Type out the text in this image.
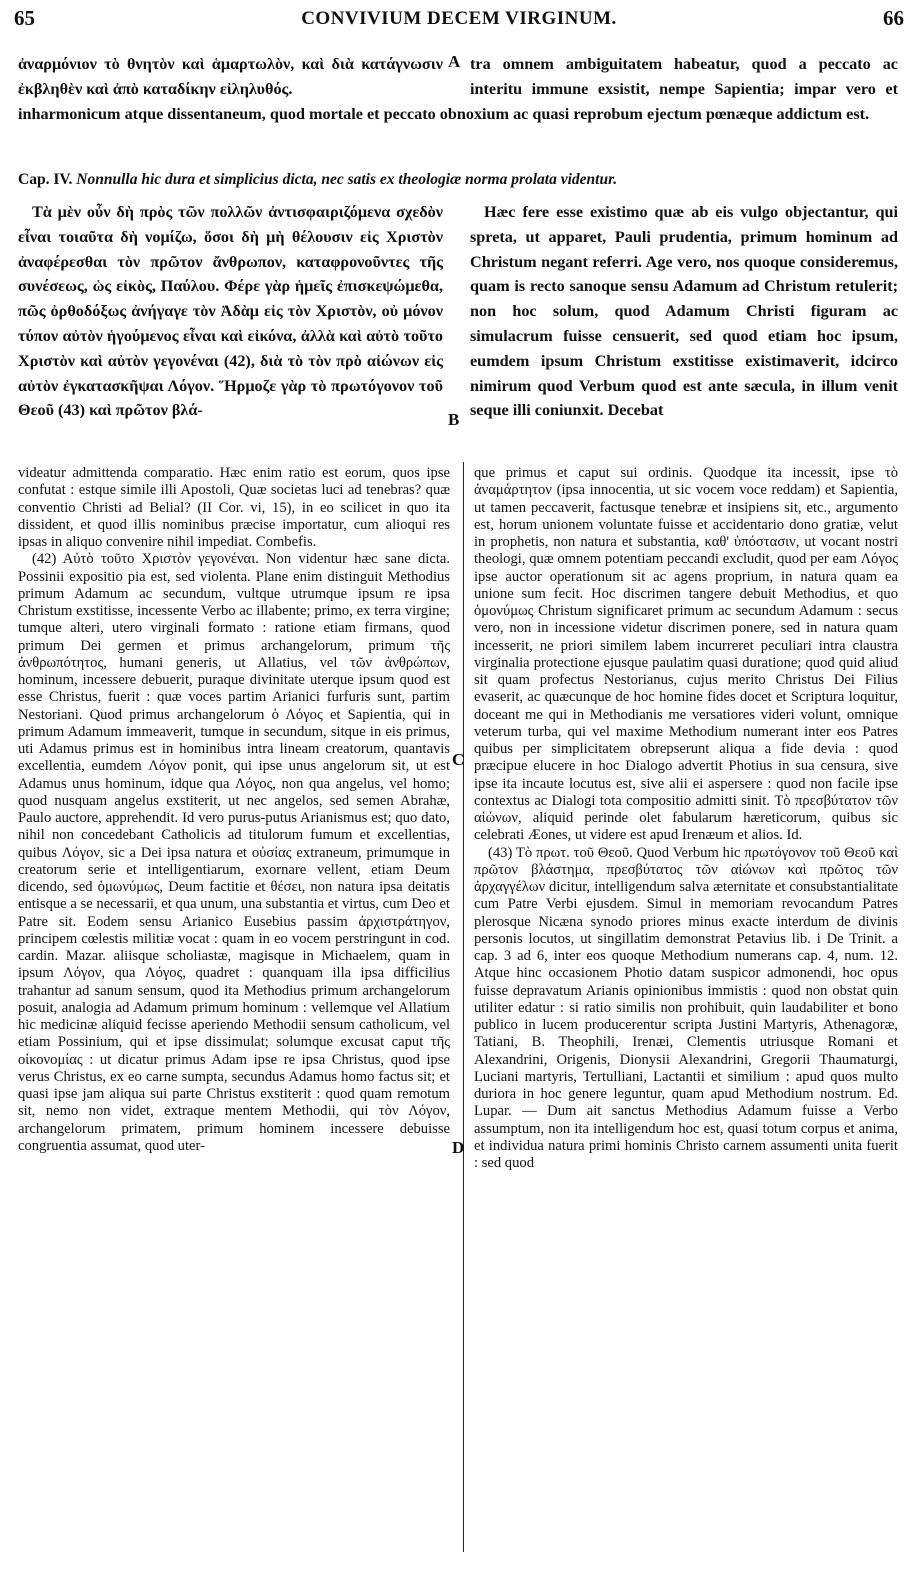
65	CONVIVIUM DECEM VIRGINUM.	66

ἀναρμόνιον τὸ θνητὸν καὶ ἁμαρτωλὸν, καὶ διὰ κατάγνωσιν ἐκβληθὲν καὶ ἀπὸ καταδίκην εἰληλυθός.

A tra omnem ambiguitatem habeatur, quod a peccato ac interitu immune exsistit, nempe Sapientia; impar vero et inharmonicum atque dissentaneum, quod mortale et peccato obnoxium ac quasi reprobum ejectum pœnæque addictum est.

Cap. IV. Nonnulla hic dura et simplicius dicta, nec satis ex theologiæ norma prolata videntur.

Τὰ μὲν οὖν δὴ πρὸς τῶν πολλῶν ἀντισφαιριζόμενα σχεδὸν εἶναι τοιαῦτα δὴ νομίζω, ὅσοι δὴ μὴ θέλουσιν εἰς Χριστὸν ἀναφέρεσθαι τὸν πρῶτον ἄνθρωπον, καταφρονοῦντες τῆς συνέσεως, ὡς εἰκὸς, Παύλου. Φέρε γὰρ ἡμεῖς ἐπισκεψώμεθα, πῶς ὀρθοδόξως ἀνήγαγε τὸν Ἀδὰμ εἰς τὸν Χριστὸν, οὐ μόνον τύπον αὐτὸν ἡγούμενος εἶναι καὶ εἰκόνα, ἀλλὰ καὶ αὐτὸ τοῦτο Χριστὸν καὶ αὐτὸν γεγονέναι (42), διὰ τὸ τὸν πρὸ αἰώνων εἰς αὐτὸν ἐγκατασκῆψαι Λόγον. Ἥρμοζε γὰρ τὸ πρωτόγονον τοῦ Θεοῦ (43) καὶ πρῶτον βλά-	B

Hæc fere esse existimo quæ ab eis vulgo objectantur, qui spreta, ut apparet, Pauli prudentia, primum hominum ad Christum negant referri. Age vero, nos quoque consideremus, quam is recto sanoque sensu Adamum ad Christum retulerit; non hoc solum, quod Adamum Christi figuram ac simulacrum fuisse censuerit, sed quod etiam hoc ipsum, eumdem ipsum Christum exstitisse existimaverit, idcirco nimirum quod Verbum quod est ante sæcula, in illum venit seque illi coniunxit. Decebat

videatur admittenda comparatio. Hæc enim ratio est eorum, quos ipse confutat : estque simile illi Apostoli, Quæ societas luci ad tenebras? quæ conventio Christi ad Belial? (II Cor. vi, 15), in eo scilicet in quo ita dissident, et quod illis nominibus præcise importatur, cum alioqui res ipsas in aliquo convenire nihil impediat. Combefis.

(42) Αὐτὸ τοῦτο Χριστὸν γεγονέναι. Non videntur hæc sane dicta. Possinii expositio pia est, sed violenta. Plane enim distinguit Methodius primum Adamum ac secundum, vultque utrumque ipsum re ipsa Christum exstitisse, incessente Verbo ac illabente; primo, ex terra virgine; tumque alteri, utero virginali formato : ratione etiam firmans, quod primum Dei germen et primus archangelorum, primum τῆς ἀνθρωπότητος, humani generis, ut Allatius, vel τῶν ἀνθρώπων, hominum, incessere debuerit, puraque divinitate uterque ipsum quod est esse Christus, fuerit : quæ voces partim Arianici furfuris sunt, partim Nestoriani. Quod primus archangelorum ὁ Λόγος et Sapientia, qui in primum Adamum immeaverit, tumque in secundum, sitque in eis primus, uti Adamus primus est in hominibus intra lineam creatorum, quantavis excellentia, eumdem Λόγον ponit, qui ipse unus angelorum sit, ut est Adamus unus hominum, idque qua Λόγος, non qua angelus, vel homo; quod nusquam angelus exstiterit, ut nec angelos, sed semen Abrahæ, Paulo auctore, apprehendit. Id vero purus-putus Arianismus est; quo dato, nihil non concedebant Catholicis ad titulorum fumum et excellentias, quibus Λόγον, sic a Dei ipsa natura et οὐσίας extraneum, primumque in creatorum serie et intelligentiarum, exornare vellent, etiam Deum dicendo, sed ὁμωνύμως, Deum factitie et θέσει, non natura ipsa deitatis entisque a se necessarii, et qua unum, una substantia et virtus, cum Deo et Patre sit. Eodem sensu Arianico Eusebius passim ἀρχιστράτηγον, principem cœlestis militiæ vocat : quam in eo vocem perstringunt in cod. cardin. Mazar. aliisque scholiastæ, magisque in Michaelem, quam in ipsum Λόγον, qua Λόγος, quadret : quanquam illa ipsa difficilius trahantur ad sanum sensum, quod ita Methodius primum archangelorum posuit, analogia ad Adamum primum hominum : vellemque vel Allatium hic medicinæ aliquid fecisse aperiendo Methodii sensum catholicum, vel etiam Possinium, qui et ipse dissimulat; solumque excusat caput τῆς οἰκονομίας : ut dicatur primus Adam ipse re ipsa Christus, quod ipse verus Christus, ex eo carne sumpta, secundus Adamus homo factus sit; et quasi ipse jam aliqua sui parte Christus exstiterit : quod quam remotum sit, nemo non videt, extraque mentem Methodii, qui τὸν Λόγον, archangelorum primatem, primum hominem incessere debuisse congruentia assumat, quod uter-

C
D

que primus et caput sui ordinis. Quodque ita incessit, ipse τὸ ἀναμάρτητον (ipsa innocentia, ut sic vocem voce reddam) et Sapientia, ut tamen peccaverit, factusque tenebræ et insipiens sit, etc., argumento est, horum unionem voluntate fuisse et accidentario dono gratiæ, velut in prophetis, non natura et substantia, καθ' ὑπόστασιν, ut vocant nostri theologi, quæ omnem potentiam peccandi excludit, quod per eam Λόγος ipse auctor operationum sit ac agens proprium, in natura quam ea unione sum fecit. Hoc discrimen tangere debuit Methodius, et quo ὁμονύμως Christum significaret primum ac secundum Adamum : secus vero, non in incessione videtur discrimen ponere, sed in natura quam incesserit, ne priori similem labem incurreret peculiari intra claustra virginalia protectione ejusque paulatim quasi duratione; quod quid aliud sit quam profectus Nestorianus, cujus merito Christus Dei Filius evaserit, ac quæcunque de hoc homine fides docet et Scriptura loquitur, doceant me qui in Methodianis me versatiores videri volunt, omnique veterum turba, qui vel maxime Methodium numerant inter eos Patres quibus per simplicitatem obrepserunt aliqua a fide devia : quod præcipue elucere in hoc Dialogo advertit Photius in sua censura, sive ipse ita incaute locutus est, sive alii ei aspersere : quod non facile ipse contextus ac Dialogi tota compositio admitti sinit. Τὸ πρεσβύτατον τῶν αἰώνων, aliquid perinde olet fabularum hæreticorum, quibus sic celebrati Æones, ut videre est apud Irenæum et alios. Id.

(43) Τὸ πρωτ. τοῦ Θεοῦ. Quod Verbum hic πρωτόγονον τοῦ Θεοῦ καὶ πρῶτον βλάστημα, πρεσβύτατος τῶν αἰώνων καὶ πρῶτος τῶν ἀρχαγγέλων dicitur, intelligendum salva æternitate et consubstantialitate cum Patre Verbi ejusdem. Simul in memoriam revocandum Patres plerosque Nicæna synodo priores minus exacte interdum de divinis personis locutos, ut singillatim demonstrat Petavius lib. i De Trinit. a cap. 3 ad 6, inter eos quoque Methodium numerans cap. 4, num. 12. Atque hinc occasionem Photio datam suspicor admonendi, hoc opus fuisse depravatum Arianis opinionibus immistis : quod non obstat quin utiliter edatur : si ratio similis non prohibuit, quin laudabiliter et bono publico in lucem producerentur scripta Justini Martyris, Athenagoræ, Tatiani, B. Theophili, Irenæi, Clementis utriusque Romani et Alexandrini, Origenis, Dionysii Alexandrini, Gregorii Thaumaturgi, Luciani martyris, Tertulliani, Lactantii et similium : apud quos multo duriora in hoc genere leguntur, quam apud Methodium nostrum. Ed. Lupar. — Dum ait sanctus Methodius Adamum fuisse a Verbo assumptum, non ita intelligendum hoc est, quasi totum corpus et anima, et individua natura primi hominis Christo carnem assumenti unita fuerit : sed quod
